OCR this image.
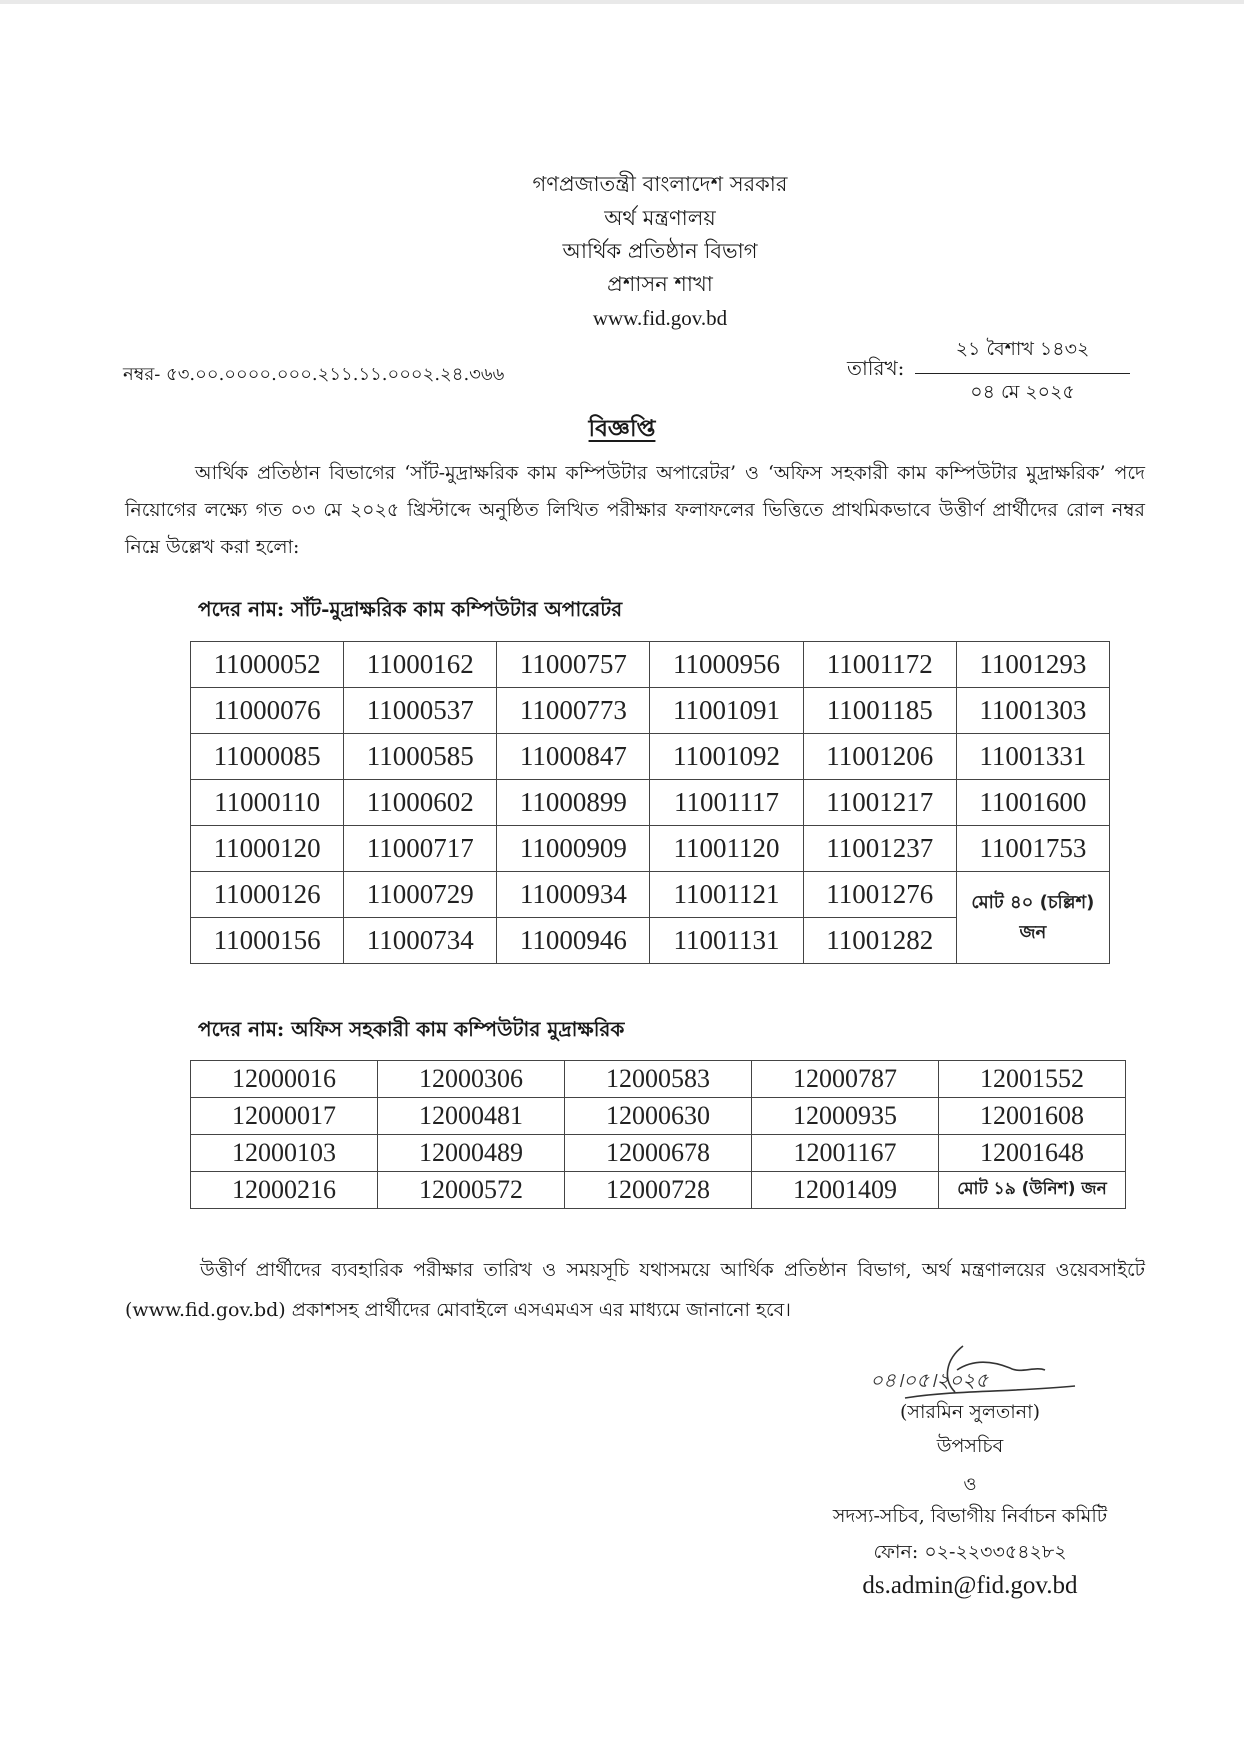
গণপ্রজাতন্ত্রী বাংলাদেশ সরকার
অর্থ মন্ত্রণালয়
আর্থিক প্রতিষ্ঠান বিভাগ
প্রশাসন শাখা
www.fid.gov.bd
নম্বর- ৫৩.০০.০০০০.০০০.২১১.১১.০০০২.২৪.৩৬৬	তারিখ:
২১ বৈশাখ ১৪৩২
০৪ মে ২০২৫
বিজ্ঞপ্তি
আর্থিক প্রতিষ্ঠান বিভাগের ‘সাঁট-মুদ্রাক্ষরিক কাম কম্পিউটার অপারেটর’ ও ‘অফিস সহকারী কাম কম্পিউটার মুদ্রাক্ষরিক’ পদে নিয়োগের লক্ষ্যে গত ০৩ মে ২০২৫ খ্রিস্টাব্দে অনুষ্ঠিত লিখিত পরীক্ষার ফলাফলের ভিত্তিতে প্রাথমিকভাবে উত্তীর্ণ প্রার্থীদের রোল নম্বর নিম্নে উল্লেখ করা হলো:
পদের নাম: সাঁট-মুদ্রাক্ষরিক কাম কম্পিউটার অপারেটর
11000052	11000162	11000757	11000956	11001172	11001293
11000076	11000537	11000773	11001091	11001185	11001303
11000085	11000585	11000847	11001092	11001206	11001331
11000110	11000602	11000899	11001117	11001217	11001600
11000120	11000717	11000909	11001120	11001237	11001753
11000126	11000729	11000934	11001121	11001276	মোট ৪০ (চল্লিশ) জন
11000156	11000734	11000946	11001131	11001282	
পদের নাম: অফিস সহকারী কাম কম্পিউটার মুদ্রাক্ষরিক
12000016	12000306	12000583	12000787	12001552
12000017	12000481	12000630	12000935	12001608
12000103	12000489	12000678	12001167	12001648
12000216	12000572	12000728	12001409	মোট ১৯ (উনিশ) জন
উত্তীর্ণ প্রার্থীদের ব্যবহারিক পরীক্ষার তারিখ ও সময়সূচি যথাসময়ে আর্থিক প্রতিষ্ঠান বিভাগ, অর্থ মন্ত্রণালয়ের ওয়েবসাইটে (www.fid.gov.bd) প্রকাশসহ প্রার্থীদের মোবাইলে এসএমএস এর মাধ্যমে জানানো হবে।
০৪।০৫।২০২৫
(সারমিন সুলতানা)
উপসচিব
ও
সদস্য-সচিব, বিভাগীয় নির্বাচন কমিটি
ফোন: ০২-২২৩৩৫৪২৮২
ds.admin@fid.gov.bd
